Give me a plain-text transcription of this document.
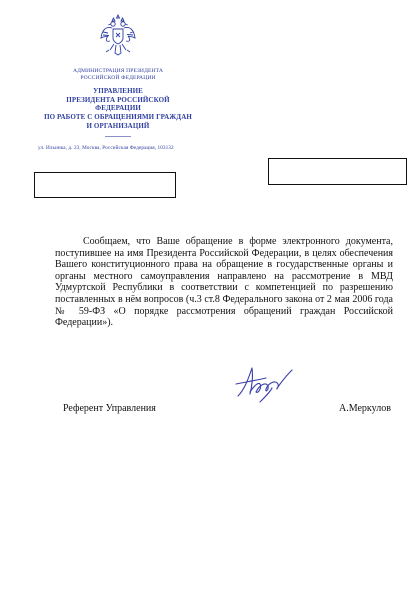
АДМИНИСТРАЦИЯ ПРЕЗИДЕНТА
РОССИЙСКОЙ ФЕДЕРАЦИИ
УПРАВЛЕНИЕ
ПРЕЗИДЕНТА РОССИЙСКОЙ ФЕДЕРАЦИИ
ПО РАБОТЕ С ОБРАЩЕНИЯМИ ГРАЖДАН
И ОРГАНИЗАЦИЙ
ул. Ильинка, д. 23, Москва, Российская Федерация, 103132
Сообщаем, что Ваше обращение в форме электронного документа, поступившее на имя Президента Российской Федерации, в целях обеспечения Вашего конституционного права на обращение в государственные органы и органы местного самоуправления направлено на рассмотрение в МВД Удмуртской Республики в соответствии с компетенцией по разрешению поставленных в нём вопросов (ч.3 ст.8 Федерального закона от 2 мая 2006 года № 59-ФЗ «О порядке рассмотрения обращений граждан Российской Федерации»).
Референт Управления	А.Меркулов
